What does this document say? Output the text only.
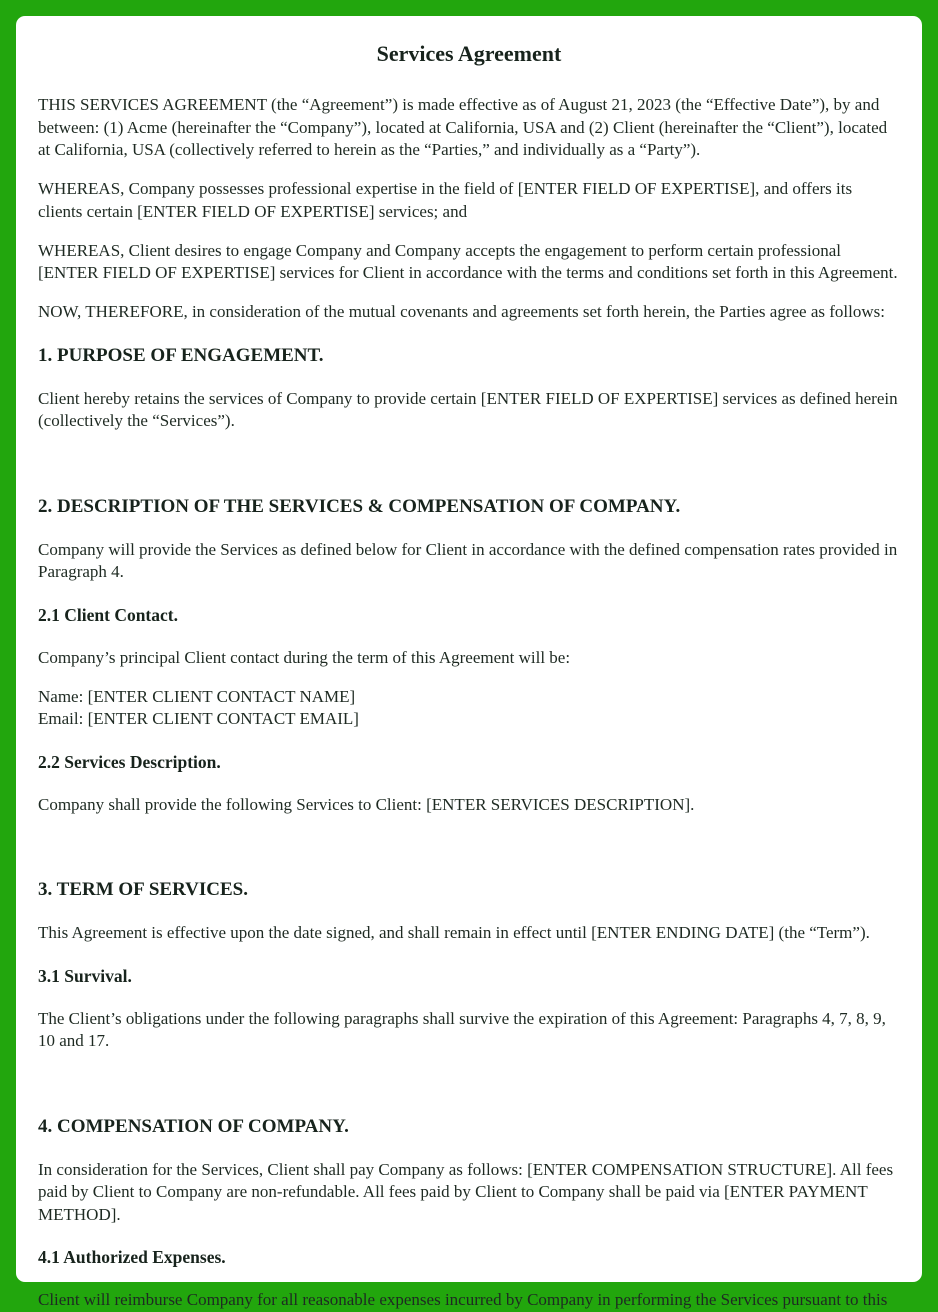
Services Agreement

THIS SERVICES AGREEMENT (the “Agreement”) is made effective as of August 21, 2023 (the “Effective Date”), by and between: (1) Acme (hereinafter the “Company”), located at California, USA and (2) Client (hereinafter the “Client”), located at California, USA (collectively referred to herein as the “Parties,” and individually as a “Party”).

WHEREAS, Company possesses professional expertise in the field of [ENTER FIELD OF EXPERTISE], and offers its clients certain [ENTER FIELD OF EXPERTISE] services; and

WHEREAS, Client desires to engage Company and Company accepts the engagement to perform certain professional [ENTER FIELD OF EXPERTISE] services for Client in accordance with the terms and conditions set forth in this Agreement.

NOW, THEREFORE, in consideration of the mutual covenants and agreements set forth herein, the Parties agree as follows:

1. PURPOSE OF ENGAGEMENT.

Client hereby retains the services of Company to provide certain [ENTER FIELD OF EXPERTISE] services as defined herein (collectively the “Services”).

2. DESCRIPTION OF THE SERVICES & COMPENSATION OF COMPANY.

Company will provide the Services as defined below for Client in accordance with the defined compensation rates provided in Paragraph 4.

2.1 Client Contact.

Company’s principal Client contact during the term of this Agreement will be:

Name: [ENTER CLIENT CONTACT NAME]
Email: [ENTER CLIENT CONTACT EMAIL]

2.2 Services Description.

Company shall provide the following Services to Client: [ENTER SERVICES DESCRIPTION].

3. TERM OF SERVICES.

This Agreement is effective upon the date signed, and shall remain in effect until [ENTER ENDING DATE] (the “Term”).

3.1 Survival.

The Client’s obligations under the following paragraphs shall survive the expiration of this Agreement: Paragraphs 4, 7, 8, 9, 10 and 17.

4. COMPENSATION OF COMPANY.

In consideration for the Services, Client shall pay Company as follows: [ENTER COMPENSATION STRUCTURE]. All fees paid by Client to Company are non-refundable. All fees paid by Client to Company shall be paid via [ENTER PAYMENT METHOD].

4.1 Authorized Expenses.

Client will reimburse Company for all reasonable expenses incurred by Company in performing the Services pursuant to this
